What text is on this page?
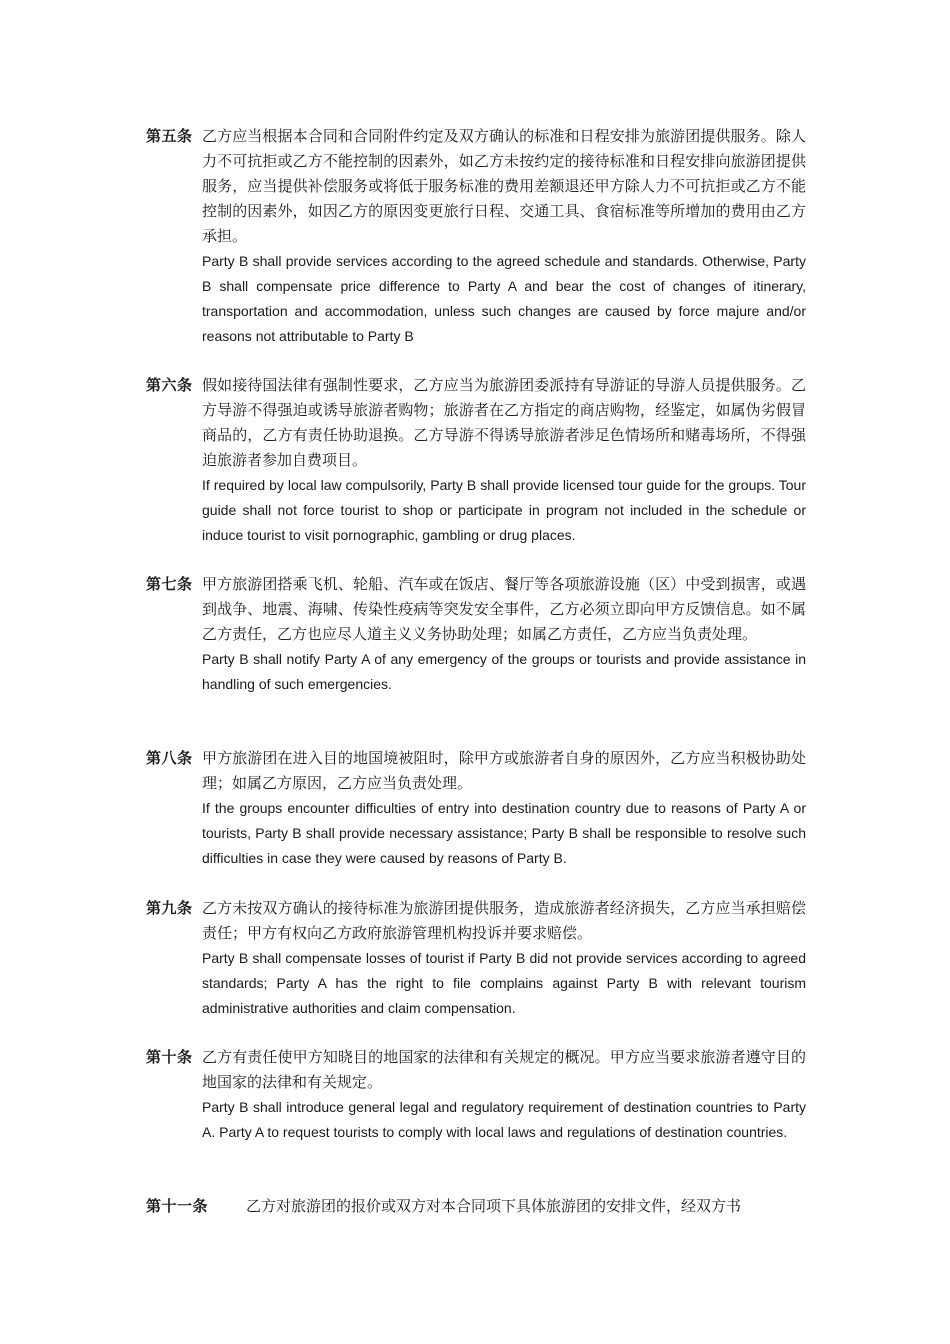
第五条 乙方应当根据本合同和合同附件约定及双方确认的标准和日程安排为旅游团提供服务。除人力不可抗拒或乙方不能控制的因素外，如乙方未按约定的接待标准和日程安排向旅游团提供服务，应当提供补偿服务或将低于服务标准的费用差额退还甲方除人力不可抗拒或乙方不能控制的因素外，如因乙方的原因变更旅行日程、交通工具、食宿标准等所增加的费用由乙方承担。
Party B shall provide services according to the agreed schedule and standards. Otherwise, Party B shall compensate price difference to Party A and bear the cost of changes of itinerary, transportation and accommodation, unless such changes are caused by force majure and/or reasons not attributable to Party B
第六条 假如接待国法律有强制性要求，乙方应当为旅游团委派持有导游证的导游人员提供服务。乙方导游不得强迫或诱导旅游者购物；旅游者在乙方指定的商店购物，经鉴定，如属伪劣假冒商品的，乙方有责任协助退换。乙方导游不得诱导旅游者涉足色情场所和赌毒场所，不得强迫旅游者参加自费项目。
If required by local law compulsorily, Party B shall provide licensed tour guide for the groups. Tour guide shall not force tourist to shop or participate in program not included in the schedule or induce tourist to visit pornographic, gambling or drug places.
第七条 甲方旅游团搭乘飞机、轮船、汽车或在饭店、餐厅等各项旅游设施（区）中受到损害，或遇到战争、地震、海啸、传染性疫病等突发安全事件，乙方必须立即向甲方反馈信息。如不属乙方责任，乙方也应尽人道主义义务协助处理；如属乙方责任，乙方应当负责处理。
Party B shall notify Party A of any emergency of the groups or tourists and provide assistance in handling of such emergencies.
第八条 甲方旅游团在进入目的地国境被阻时，除甲方或旅游者自身的原因外，乙方应当积极协助处理；如属乙方原因，乙方应当负责处理。
If the groups encounter difficulties of entry into destination country due to reasons of Party A or tourists, Party B shall provide necessary assistance; Party B shall be responsible to resolve such difficulties in case they were caused by reasons of Party B.
第九条 乙方未按双方确认的接待标准为旅游团提供服务，造成旅游者经济损失，乙方应当承担赔偿责任；甲方有权向乙方政府旅游管理机构投诉并要求赔偿。
Party B shall compensate losses of tourist if Party B did not provide services according to agreed standards; Party A has the right to file complains against Party B with relevant tourism administrative authorities and claim compensation.
第十条 乙方有责任使甲方知晓目的地国家的法律和有关规定的概况。甲方应当要求旅游者遵守目的地国家的法律和有关规定。
Party B shall introduce general legal and regulatory requirement of destination countries to Party A. Party A to request tourists to comply with local laws and regulations of destination countries.
第十一条	乙方对旅游团的报价或双方对本合同项下具体旅游团的安排文件，经双方书
